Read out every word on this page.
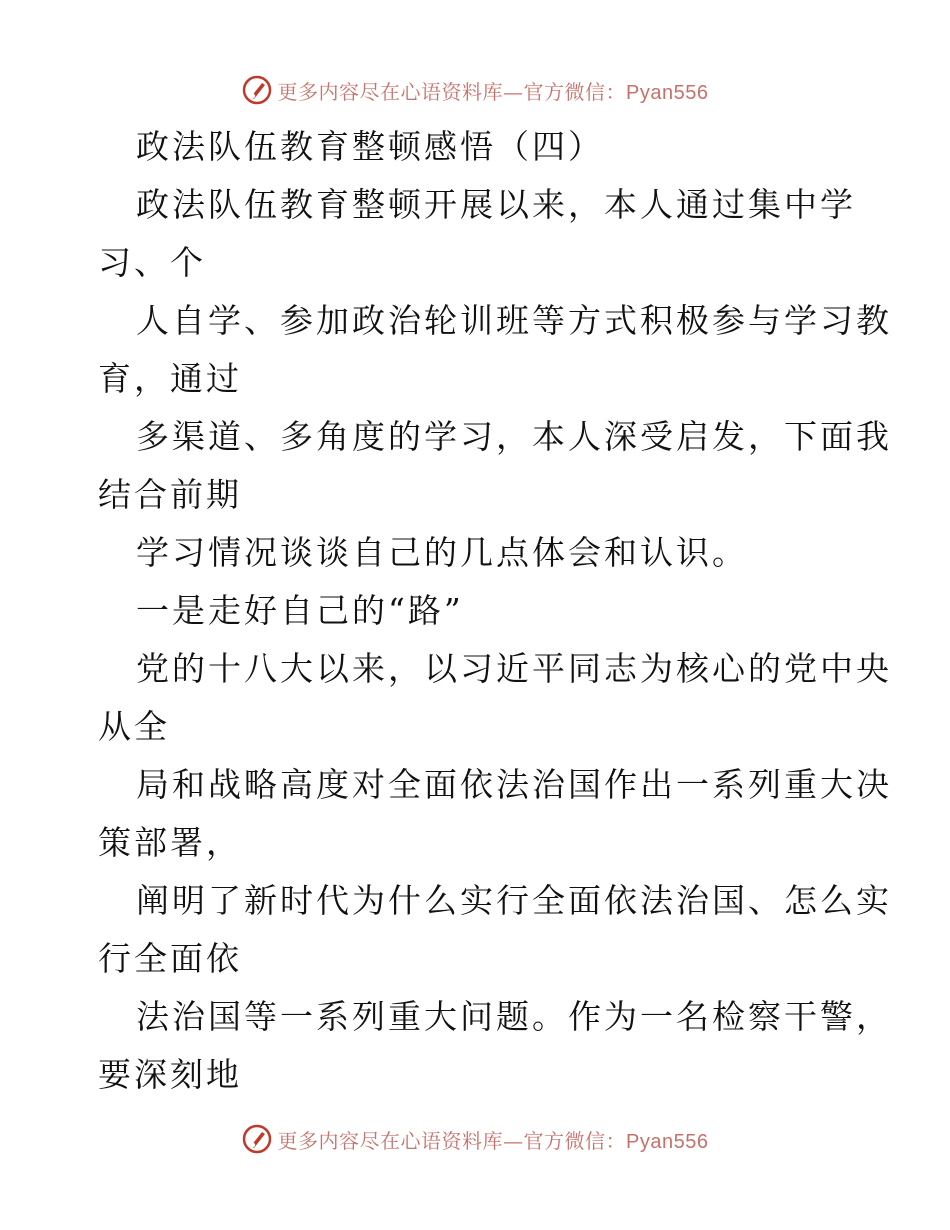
更多内容尽在心语资料库—官方微信：Pyan556
政法队伍教育整顿感悟（四）
政法队伍教育整顿开展以来，本人通过集中学
习、个
人自学、参加政治轮训班等方式积极参与学习教
育，通过
多渠道、多角度的学习，本人深受启发，下面我
结合前期
学习情况谈谈自己的几点体会和认识。
一是走好自己的“路”
党的十八大以来，以习近平同志为核心的党中央
从全
局和战略高度对全面依法治国作出一系列重大决
策部署，
阐明了新时代为什么实行全面依法治国、怎么实
行全面依
法治国等一系列重大问题。作为一名检察干警，
要深刻地
更多内容尽在心语资料库—官方微信：Pyan556
